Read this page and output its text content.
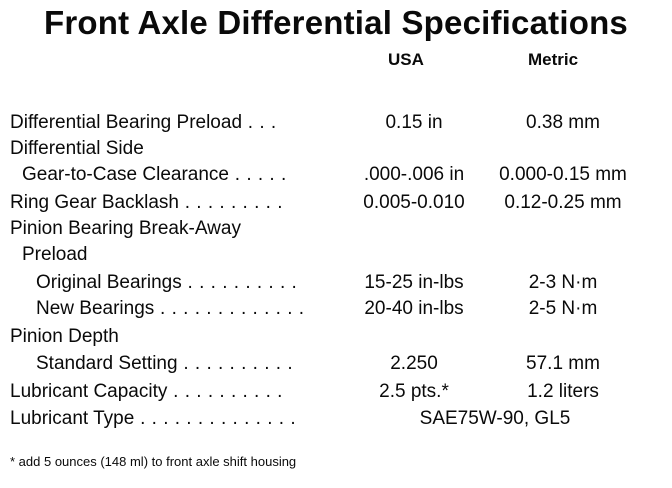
Front Axle Differential Specifications
USA	Metric
Differential Bearing Preload . . .	0.15 in	0.38 mm
Differential Side
Gear-to-Case Clearance . . . . .	.000-.006 in	0.000-0.15 mm
Ring Gear Backlash . . . . . . . . .	0.005-0.010	0.12-0.25 mm
Pinion Bearing Break-Away
Preload
Original Bearings . . . . . . . . . .	15-25 in-lbs	2-3 N·m
New Bearings . . . . . . . . . . . . .	20-40 in-lbs	2-5 N·m
Pinion Depth
Standard Setting . . . . . . . . . .	2.250	57.1 mm
Lubricant Capacity . . . . . . . . . .	2.5 pts.*	1.2 liters
Lubricant Type . . . . . . . . . . . . . .	SAE75W-90, GL5
* add 5 ounces (148 ml) to front axle shift housing
